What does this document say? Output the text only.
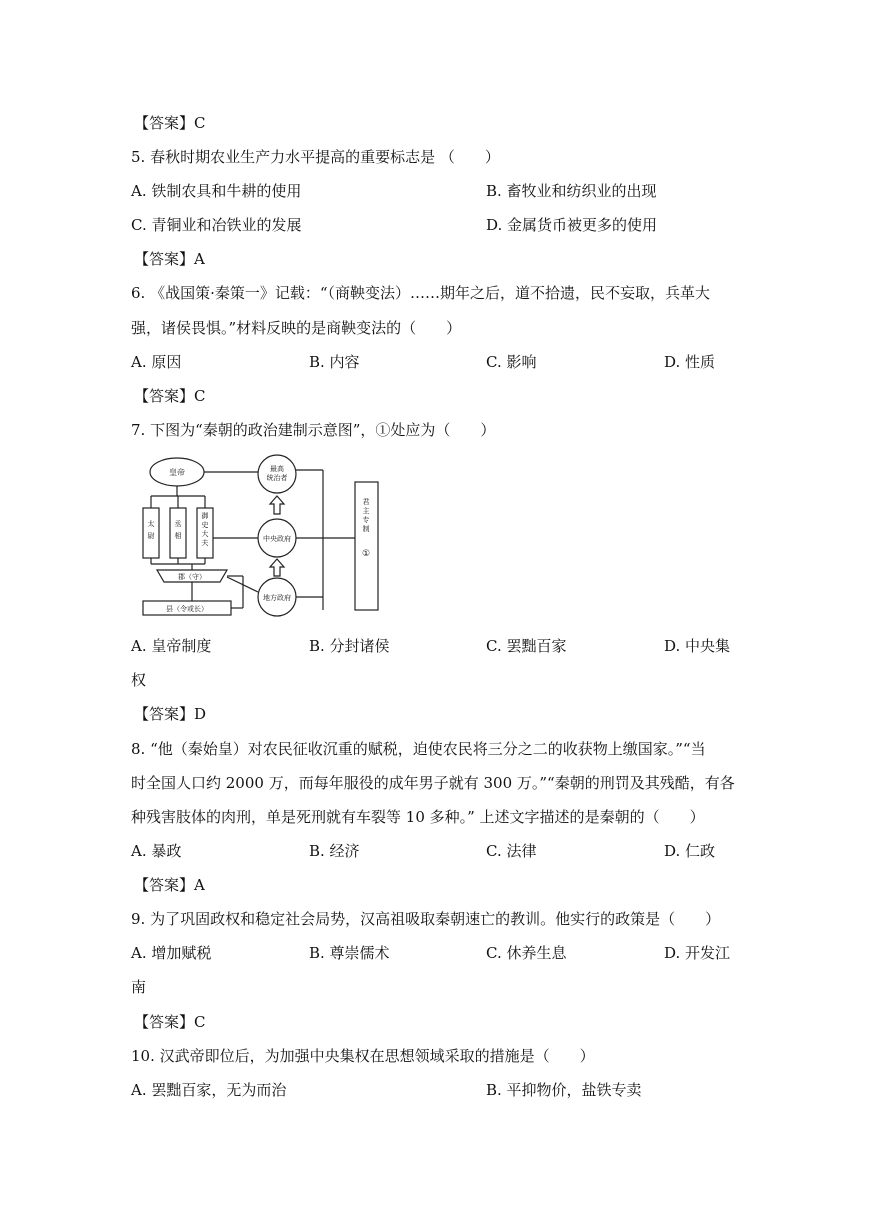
【答案】C
5. 春秋时期农业生产力水平提高的重要标志是 （　　）
A. 铁制农具和牛耕的使用	B. 畜牧业和纺织业的出现
C. 青铜业和冶铁业的发展	D. 金属货币被更多的使用
【答案】A
6. 《战国策·秦策一》记载：“（商鞅变法）……期年之后，道不拾遗，民不妄取，兵革大
强，诸侯畏惧。”材料反映的是商鞅变法的（　　）
A. 原因	B. 内容	C. 影响	D. 性质
【答案】C
7. 下图为“秦朝的政治建制示意图”，①处应为（　　）
皇帝	最高
统治者
中央政府
地方政府
太
尉
丞
相
御
史
大
夫
郡（守）
县（令或长）
君
主
专
制
①
A. 皇帝制度	B. 分封诸侯	C. 罢黜百家	D. 中央集
权
【答案】D
8. “他（秦始皇）对农民征收沉重的赋税，迫使农民将三分之二的收获物上缴国家。”“当
时全国人口约 2000 万，而每年服役的成年男子就有 300 万。”“秦朝的刑罚及其残酷，有各
种残害肢体的肉刑，单是死刑就有车裂等 10 多种。” 上述文字描述的是秦朝的（　　）
A. 暴政	B. 经济	C. 法律	D. 仁政
【答案】A
9. 为了巩固政权和稳定社会局势，汉高祖吸取秦朝速亡的教训。他实行的政策是（　　）
A. 增加赋税	B. 尊崇儒术	C. 休养生息	D. 开发江
南
【答案】C
10. 汉武帝即位后，为加强中央集权在思想领域采取的措施是（　　）
A. 罢黜百家，无为而治	B. 平抑物价，盐铁专卖
